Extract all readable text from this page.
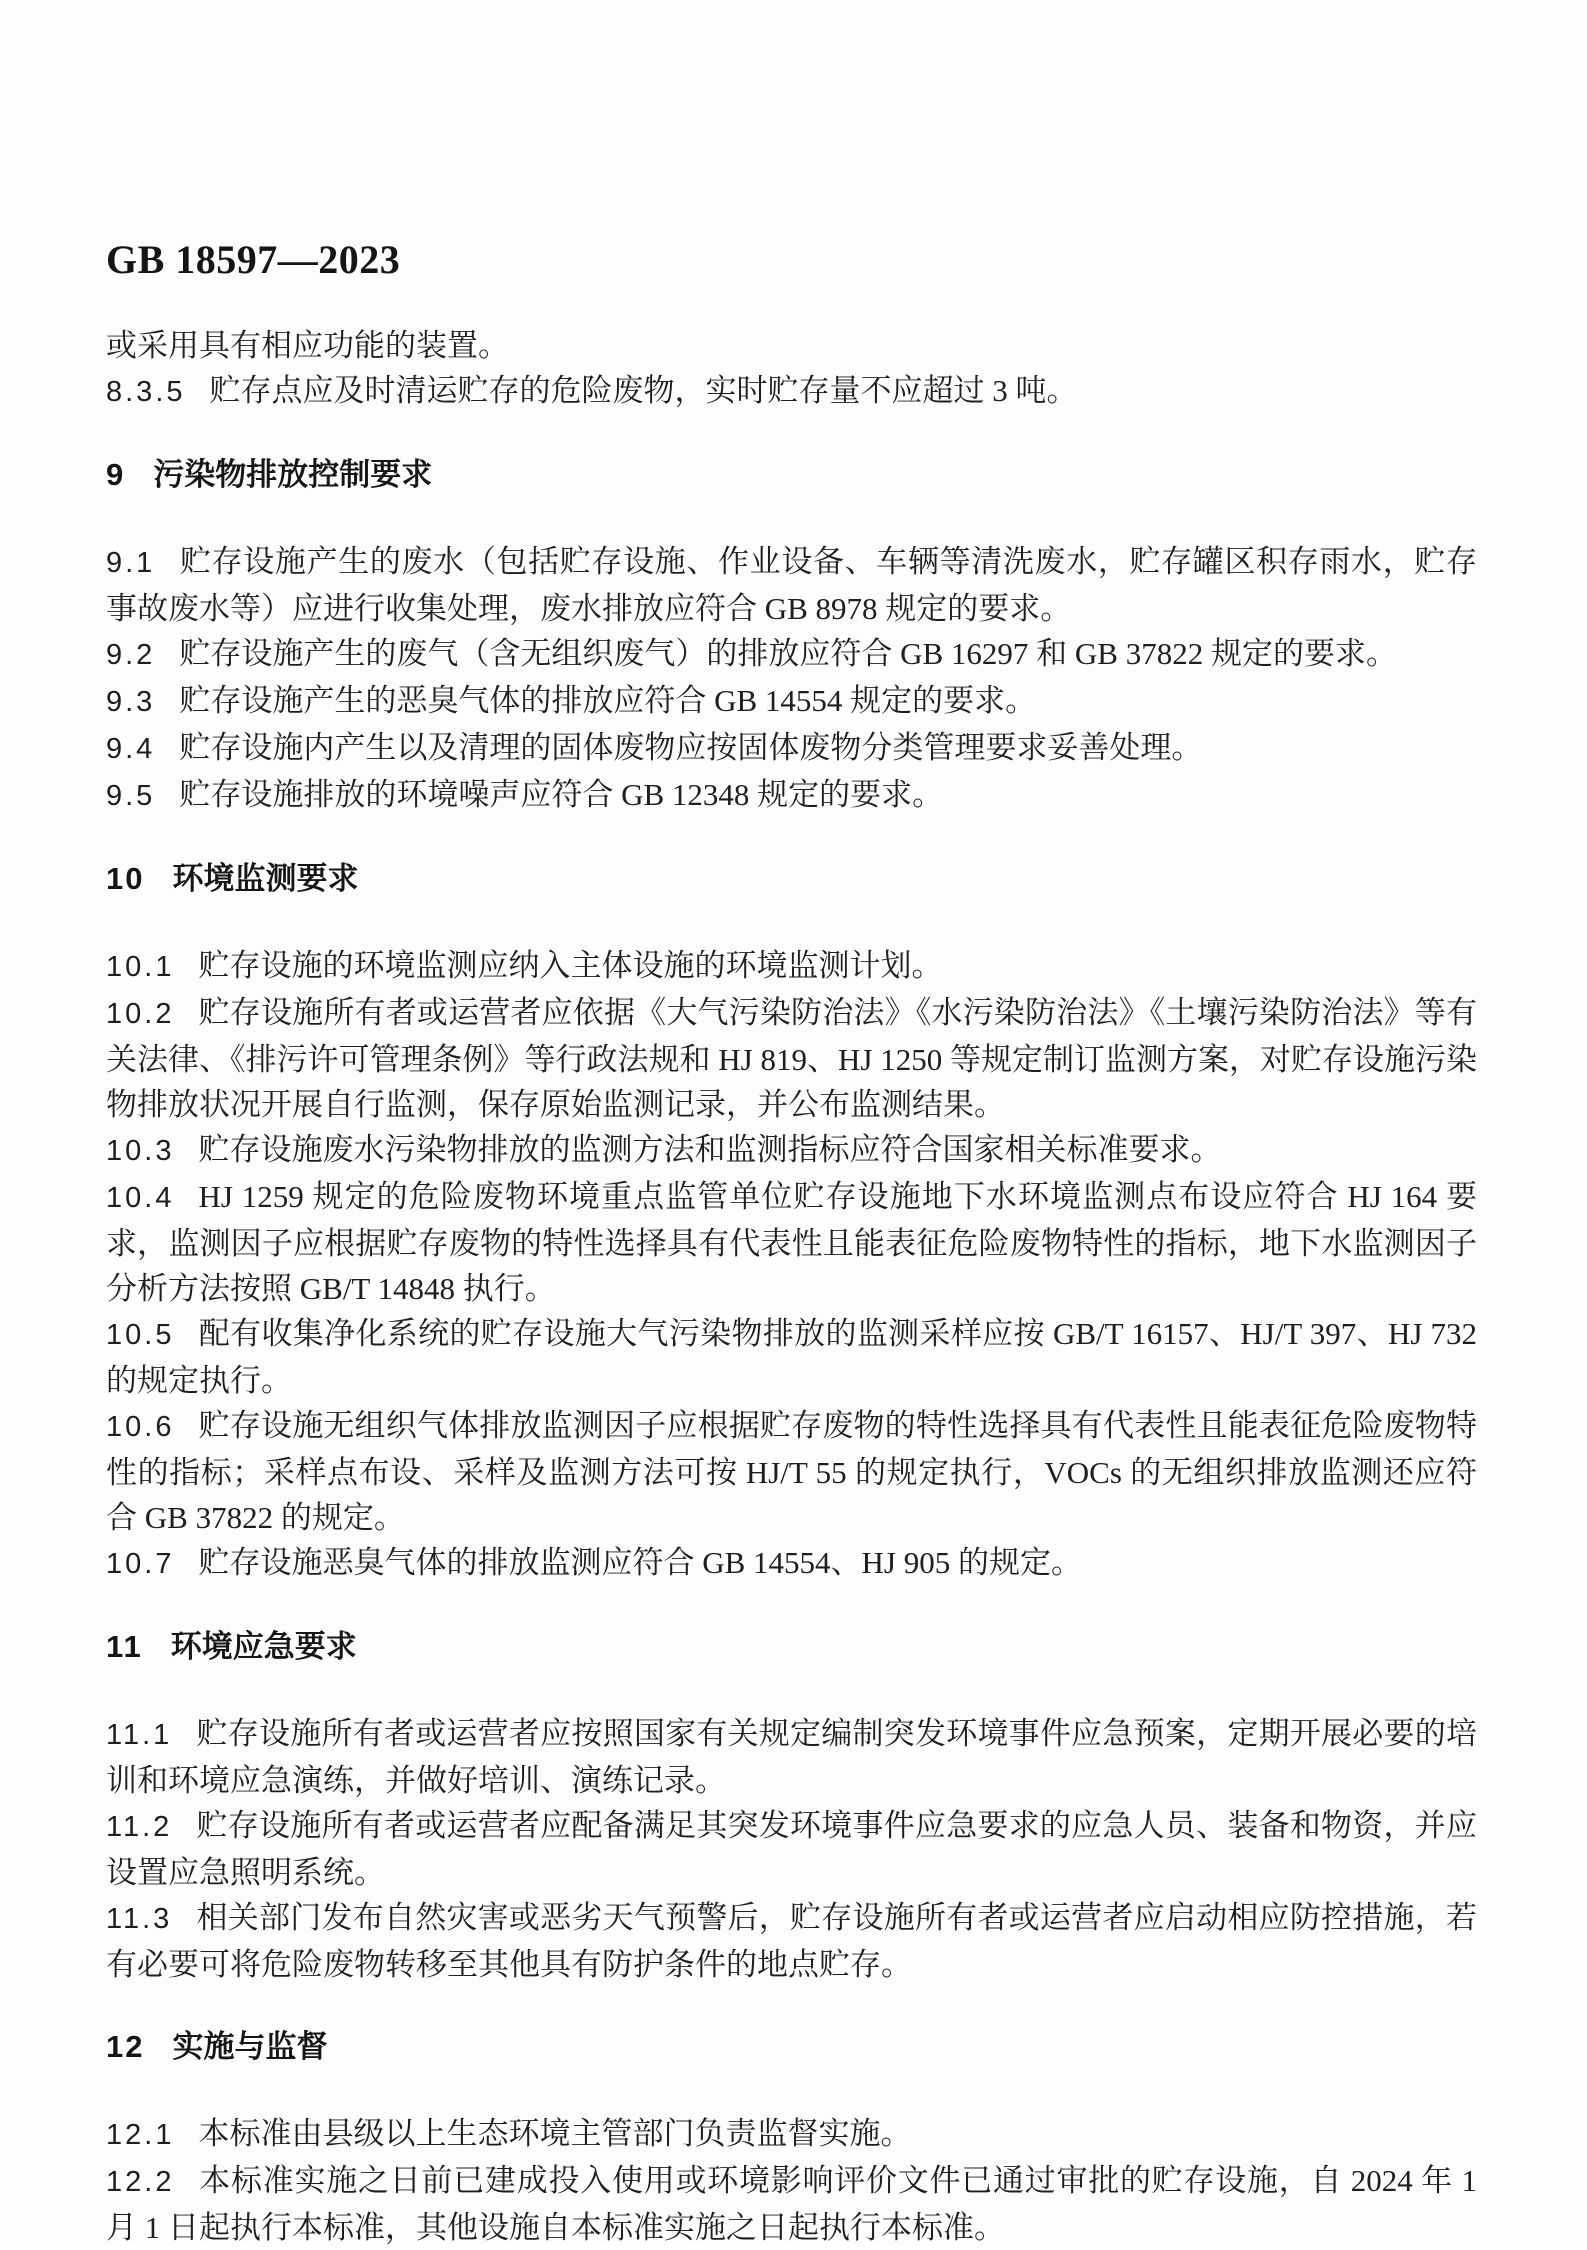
GB 18597—2023

或采用具有相应功能的装置。

8.3.5 贮存点应及时清运贮存的危险废物，实时贮存量不应超过 3 吨。

9 污染物排放控制要求

9.1 贮存设施产生的废水（包括贮存设施、作业设备、车辆等清洗废水，贮存罐区积存雨水，贮存事故废水等）应进行收集处理，废水排放应符合 GB 8978 规定的要求。

9.2 贮存设施产生的废气（含无组织废气）的排放应符合 GB 16297 和 GB 37822 规定的要求。

9.3 贮存设施产生的恶臭气体的排放应符合 GB 14554 规定的要求。

9.4 贮存设施内产生以及清理的固体废物应按固体废物分类管理要求妥善处理。

9.5 贮存设施排放的环境噪声应符合 GB 12348 规定的要求。

10 环境监测要求

10.1 贮存设施的环境监测应纳入主体设施的环境监测计划。

10.2 贮存设施所有者或运营者应依据《大气污染防治法》《水污染防治法》《土壤污染防治法》等有关法律、《排污许可管理条例》等行政法规和 HJ 819、HJ 1250 等规定制订监测方案，对贮存设施污染物排放状况开展自行监测，保存原始监测记录，并公布监测结果。

10.3 贮存设施废水污染物排放的监测方法和监测指标应符合国家相关标准要求。

10.4 HJ 1259 规定的危险废物环境重点监管单位贮存设施地下水环境监测点布设应符合 HJ 164 要求，监测因子应根据贮存废物的特性选择具有代表性且能表征危险废物特性的指标，地下水监测因子分析方法按照 GB/T 14848 执行。

10.5 配有收集净化系统的贮存设施大气污染物排放的监测采样应按 GB/T 16157、HJ/T 397、HJ 732 的规定执行。

10.6 贮存设施无组织气体排放监测因子应根据贮存废物的特性选择具有代表性且能表征危险废物特性的指标；采样点布设、采样及监测方法可按 HJ/T 55 的规定执行，VOCs 的无组织排放监测还应符合 GB 37822 的规定。

10.7 贮存设施恶臭气体的排放监测应符合 GB 14554、HJ 905 的规定。

11 环境应急要求

11.1 贮存设施所有者或运营者应按照国家有关规定编制突发环境事件应急预案，定期开展必要的培训和环境应急演练，并做好培训、演练记录。

11.2 贮存设施所有者或运营者应配备满足其突发环境事件应急要求的应急人员、装备和物资，并应设置应急照明系统。

11.3 相关部门发布自然灾害或恶劣天气预警后，贮存设施所有者或运营者应启动相应防控措施，若有必要可将危险废物转移至其他具有防护条件的地点贮存。

12 实施与监督

12.1 本标准由县级以上生态环境主管部门负责监督实施。

12.2 本标准实施之日前已建成投入使用或环境影响评价文件已通过审批的贮存设施，自 2024 年 1 月 1 日起执行本标准，其他设施自本标准实施之日起执行本标准。
